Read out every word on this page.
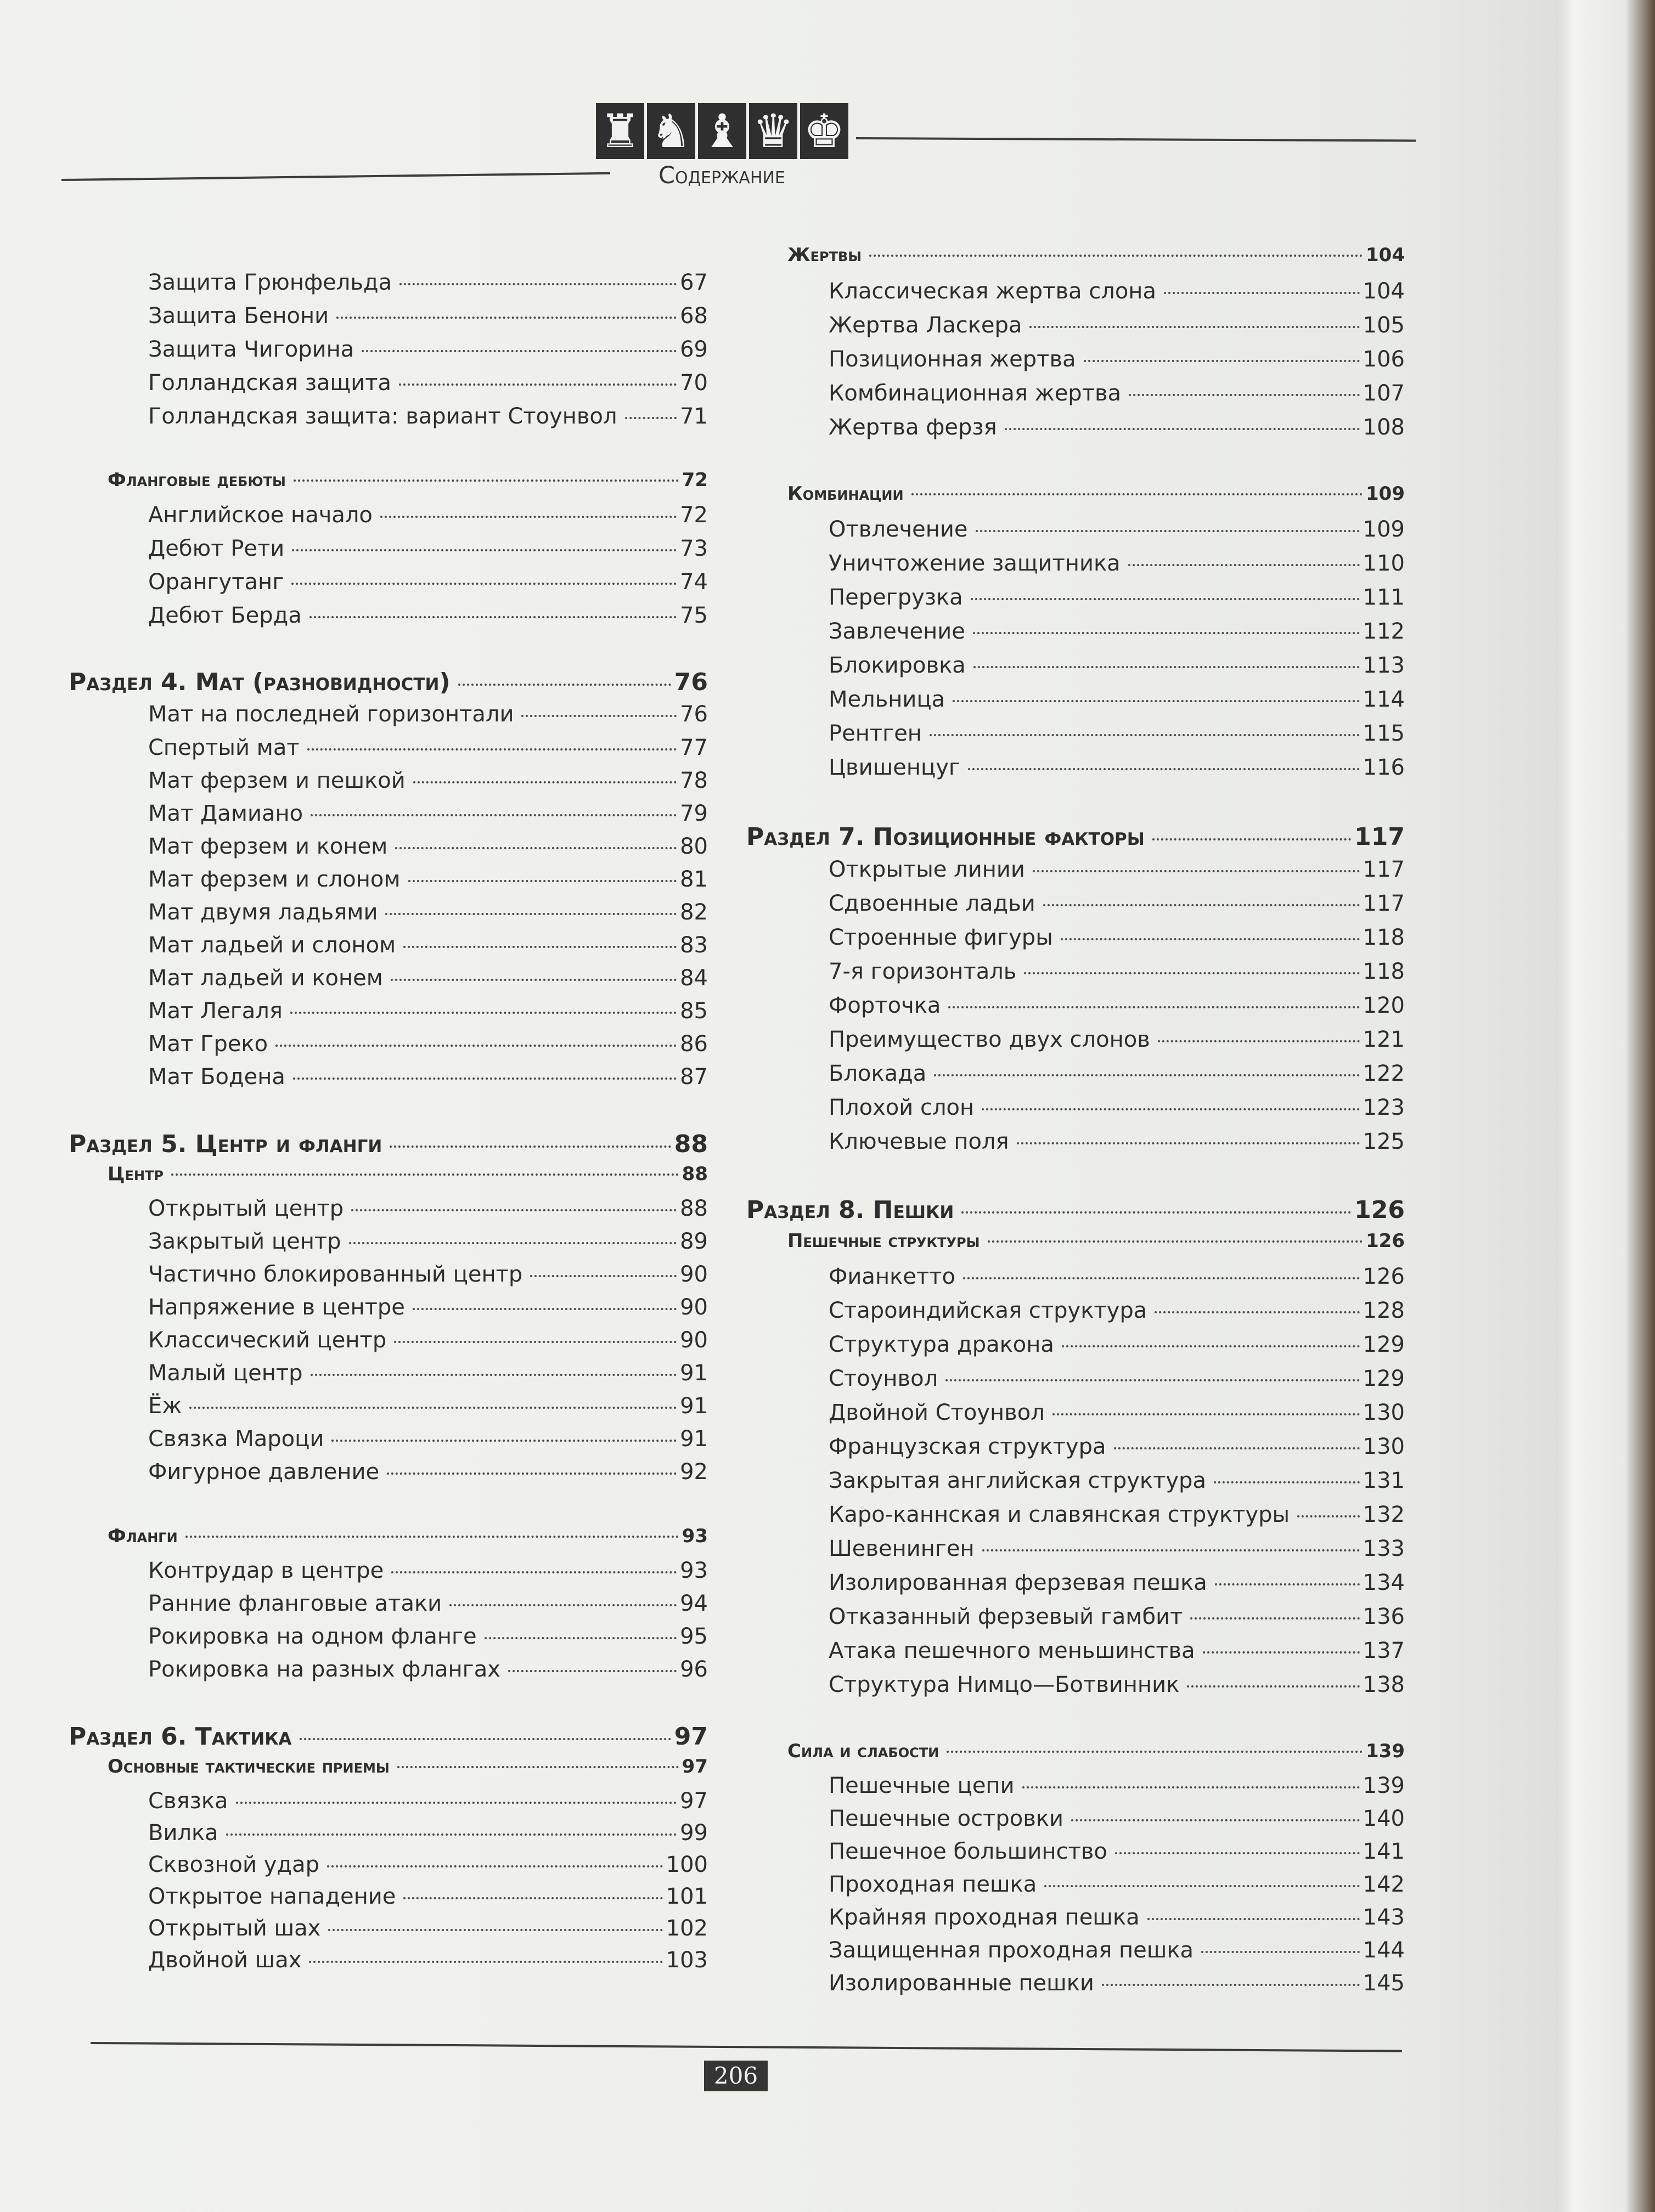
♜ ♞ ♝ ♛ ♚
Содержание
Защита Грюнфельда	67
Защита Бенони	68
Защита Чигорина	69
Голландская защита	70
Голландская защита: вариант Стоунвол	71
Фланговые дебюты	72
Английское начало	72
Дебют Рети	73
Орангутанг	74
Дебют Берда	75
Раздел 4. Мат (разновидности)	76
Мат на последней горизонтали	76
Спертый мат	77
Мат ферзем и пешкой	78
Мат Дамиано	79
Мат ферзем и конем	80
Мат ферзем и слоном	81
Мат двумя ладьями	82
Мат ладьей и слоном	83
Мат ладьей и конем	84
Мат Легаля	85
Мат Греко	86
Мат Бодена	87
Раздел 5. Центр и фланги	88
Центр	88
Открытый центр	88
Закрытый центр	89
Частично блокированный центр	90
Напряжение в центре	90
Классический центр	90
Малый центр	91
Ёж	91
Связка Мароци	91
Фигурное давление	92
Фланги	93
Контрудар в центре	93
Ранние фланговые атаки	94
Рокировка на одном фланге	95
Рокировка на разных флангах	96
Раздел 6. Тактика	97
Основные тактические приемы	97
Связка	97
Вилка	99
Сквозной удар	100
Открытое нападение	101
Открытый шах	102
Двойной шах	103
Жертвы	104
Классическая жертва слона	104
Жертва Ласкера	105
Позиционная жертва	106
Комбинационная жертва	107
Жертва ферзя	108
Комбинации	109
Отвлечение	109
Уничтожение защитника	110
Перегрузка	111
Завлечение	112
Блокировка	113
Мельница	114
Рентген	115
Цвишенцуг	116
Раздел 7. Позиционные факторы	117
Открытые линии	117
Сдвоенные ладьи	117
Строенные фигуры	118
7-я горизонталь	118
Форточка	120
Преимущество двух слонов	121
Блокада	122
Плохой слон	123
Ключевые поля	125
Раздел 8. Пешки	126
Пешечные структуры	126
Фианкетто	126
Староиндийская структура	128
Структура дракона	129
Стоунвол	129
Двойной Стоунвол	130
Французская структура	130
Закрытая английская структура	131
Каро-каннская и славянская структуры	132
Шевенинген	133
Изолированная ферзевая пешка	134
Отказанный ферзевый гамбит	136
Атака пешечного меньшинства	137
Структура Нимцо—Ботвинник	138
Сила и слабости	139
Пешечные цепи	139
Пешечные островки	140
Пешечное большинство	141
Проходная пешка	142
Крайняя проходная пешка	143
Защищенная проходная пешка	144
Изолированные пешки	145
206
